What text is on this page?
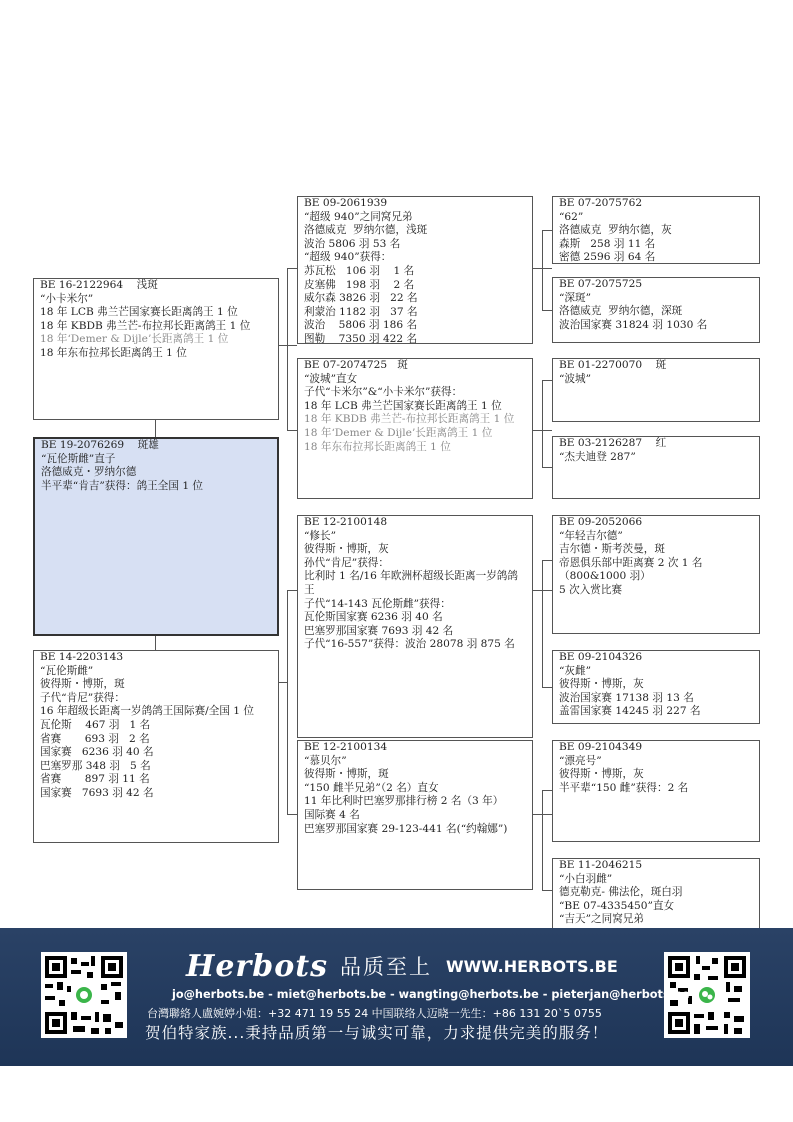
BE 09-2061939
“超级 940”之同窝兄弟
洛德威克  罗纳尔德，浅斑
波治 5806 羽 53 名
“超级 940”获得：
苏瓦松   106 羽    1 名
皮塞佛   198 羽    2 名
威尔森 3826 羽   22 名
利蒙治 1182 羽   37 名
波治    5806 羽 186 名
图勒    7350 羽 422 名
BE 07-2074725   斑
“波城”直女
子代“卡米尔”&“小卡米尔”获得：
18 年 LCB 弗兰芒国家赛长距离鸽王 1 位
18 年 KBDB 弗兰芒-布拉邦长距离鸽王 1 位
18 年‘Demer & Dijle’长距离鸽王 1 位
18 年东布拉邦长距离鸽王 1 位
BE 12-2100148
“修长”
彼得斯・博斯，灰
孙代“肯尼”获得：
比利时 1 名/16 年欧洲杯超级长距离一岁鸽鸽王
子代“14-143 瓦伦斯雌”获得：
瓦伦斯国家赛 6236 羽 40 名
巴塞罗那国家赛 7693 羽 42 名
子代“16-557”获得：波治 28078 羽 875 名
BE 12-2100134
“慕贝尔”
彼得斯・博斯，斑
“150 雌半兄弟”（2 名）直女
11 年比利时巴塞罗那排行榜 2 名（3 年）
国际赛 4 名
巴塞罗那国家赛 29-123-441 名(“约翰娜”)
BE 07-2075762
“62”
洛德威克  罗纳尔德，灰
森斯   258 羽 11 名
密德 2596 羽 64 名
BE 07-2075725
“深斑”
洛德威克  罗纳尔德，深斑
波治国家赛 31824 羽 1030 名
BE 01-2270070    斑
“波城”
BE 03-2126287    红
“杰夫迪登 287”
BE 09-2052066
“年轻吉尔德”
吉尔德・斯考茨曼，斑
帝恩俱乐部中距离赛 2 次 1 名（800&1000 羽）
5 次入赏比赛
BE 09-2104326
“灰雌”
彼得斯・博斯，灰
波治国家赛 17138 羽 13 名
盖雷国家赛 14245 羽 227 名
BE 09-2104349
“漂亮号”
彼得斯・博斯，灰
半平辈“150 雌”获得：2 名
BE 11-2046215
“小白羽雌”
德克勒克- 佛法伦，斑白羽
“BE 07-4335450”直女
“吉天”之同窝兄弟
BE 16-2122964    浅斑
“小卡米尔”
18 年 LCB 弗兰芒国家赛长距离鸽王 1 位
18 年 KBDB 弗兰芒-布拉邦长距离鸽王 1 位
18 年‘Demer & Dijle’长距离鸽王 1 位
18 年东布拉邦长距离鸽王 1 位
BE 14-2203143
“瓦伦斯雌”
彼得斯・博斯，斑
子代“肯尼”获得：
16 年超级长距离一岁鸽鸽王国际赛/全国 1 位
瓦伦斯    467 羽   1 名
省赛       693 羽   2 名
国家赛   6236 羽 40 名
巴塞罗那 348 羽   5 名
省赛       897 羽 11 名
国家赛   7693 羽 42 名
BE 19-2076269    斑雄
“瓦伦斯雌”直子
洛德威克・罗纳尔德
半平辈“肯吉”获得：鸽王全国 1 位
Herbots 品质至上 WWW.HERBOTS.BE
jo@herbots.be - miet@herbots.be - wangting@herbots.be - pieterjan@herbots.be
台灣聯絡人盧婉婷小姐：+32 471 19 55 24 中国联络人迈晓一先生：+86 131 20`5 0755
贺伯特家族...秉持品质第一与诚实可靠，力求提供完美的服务！
